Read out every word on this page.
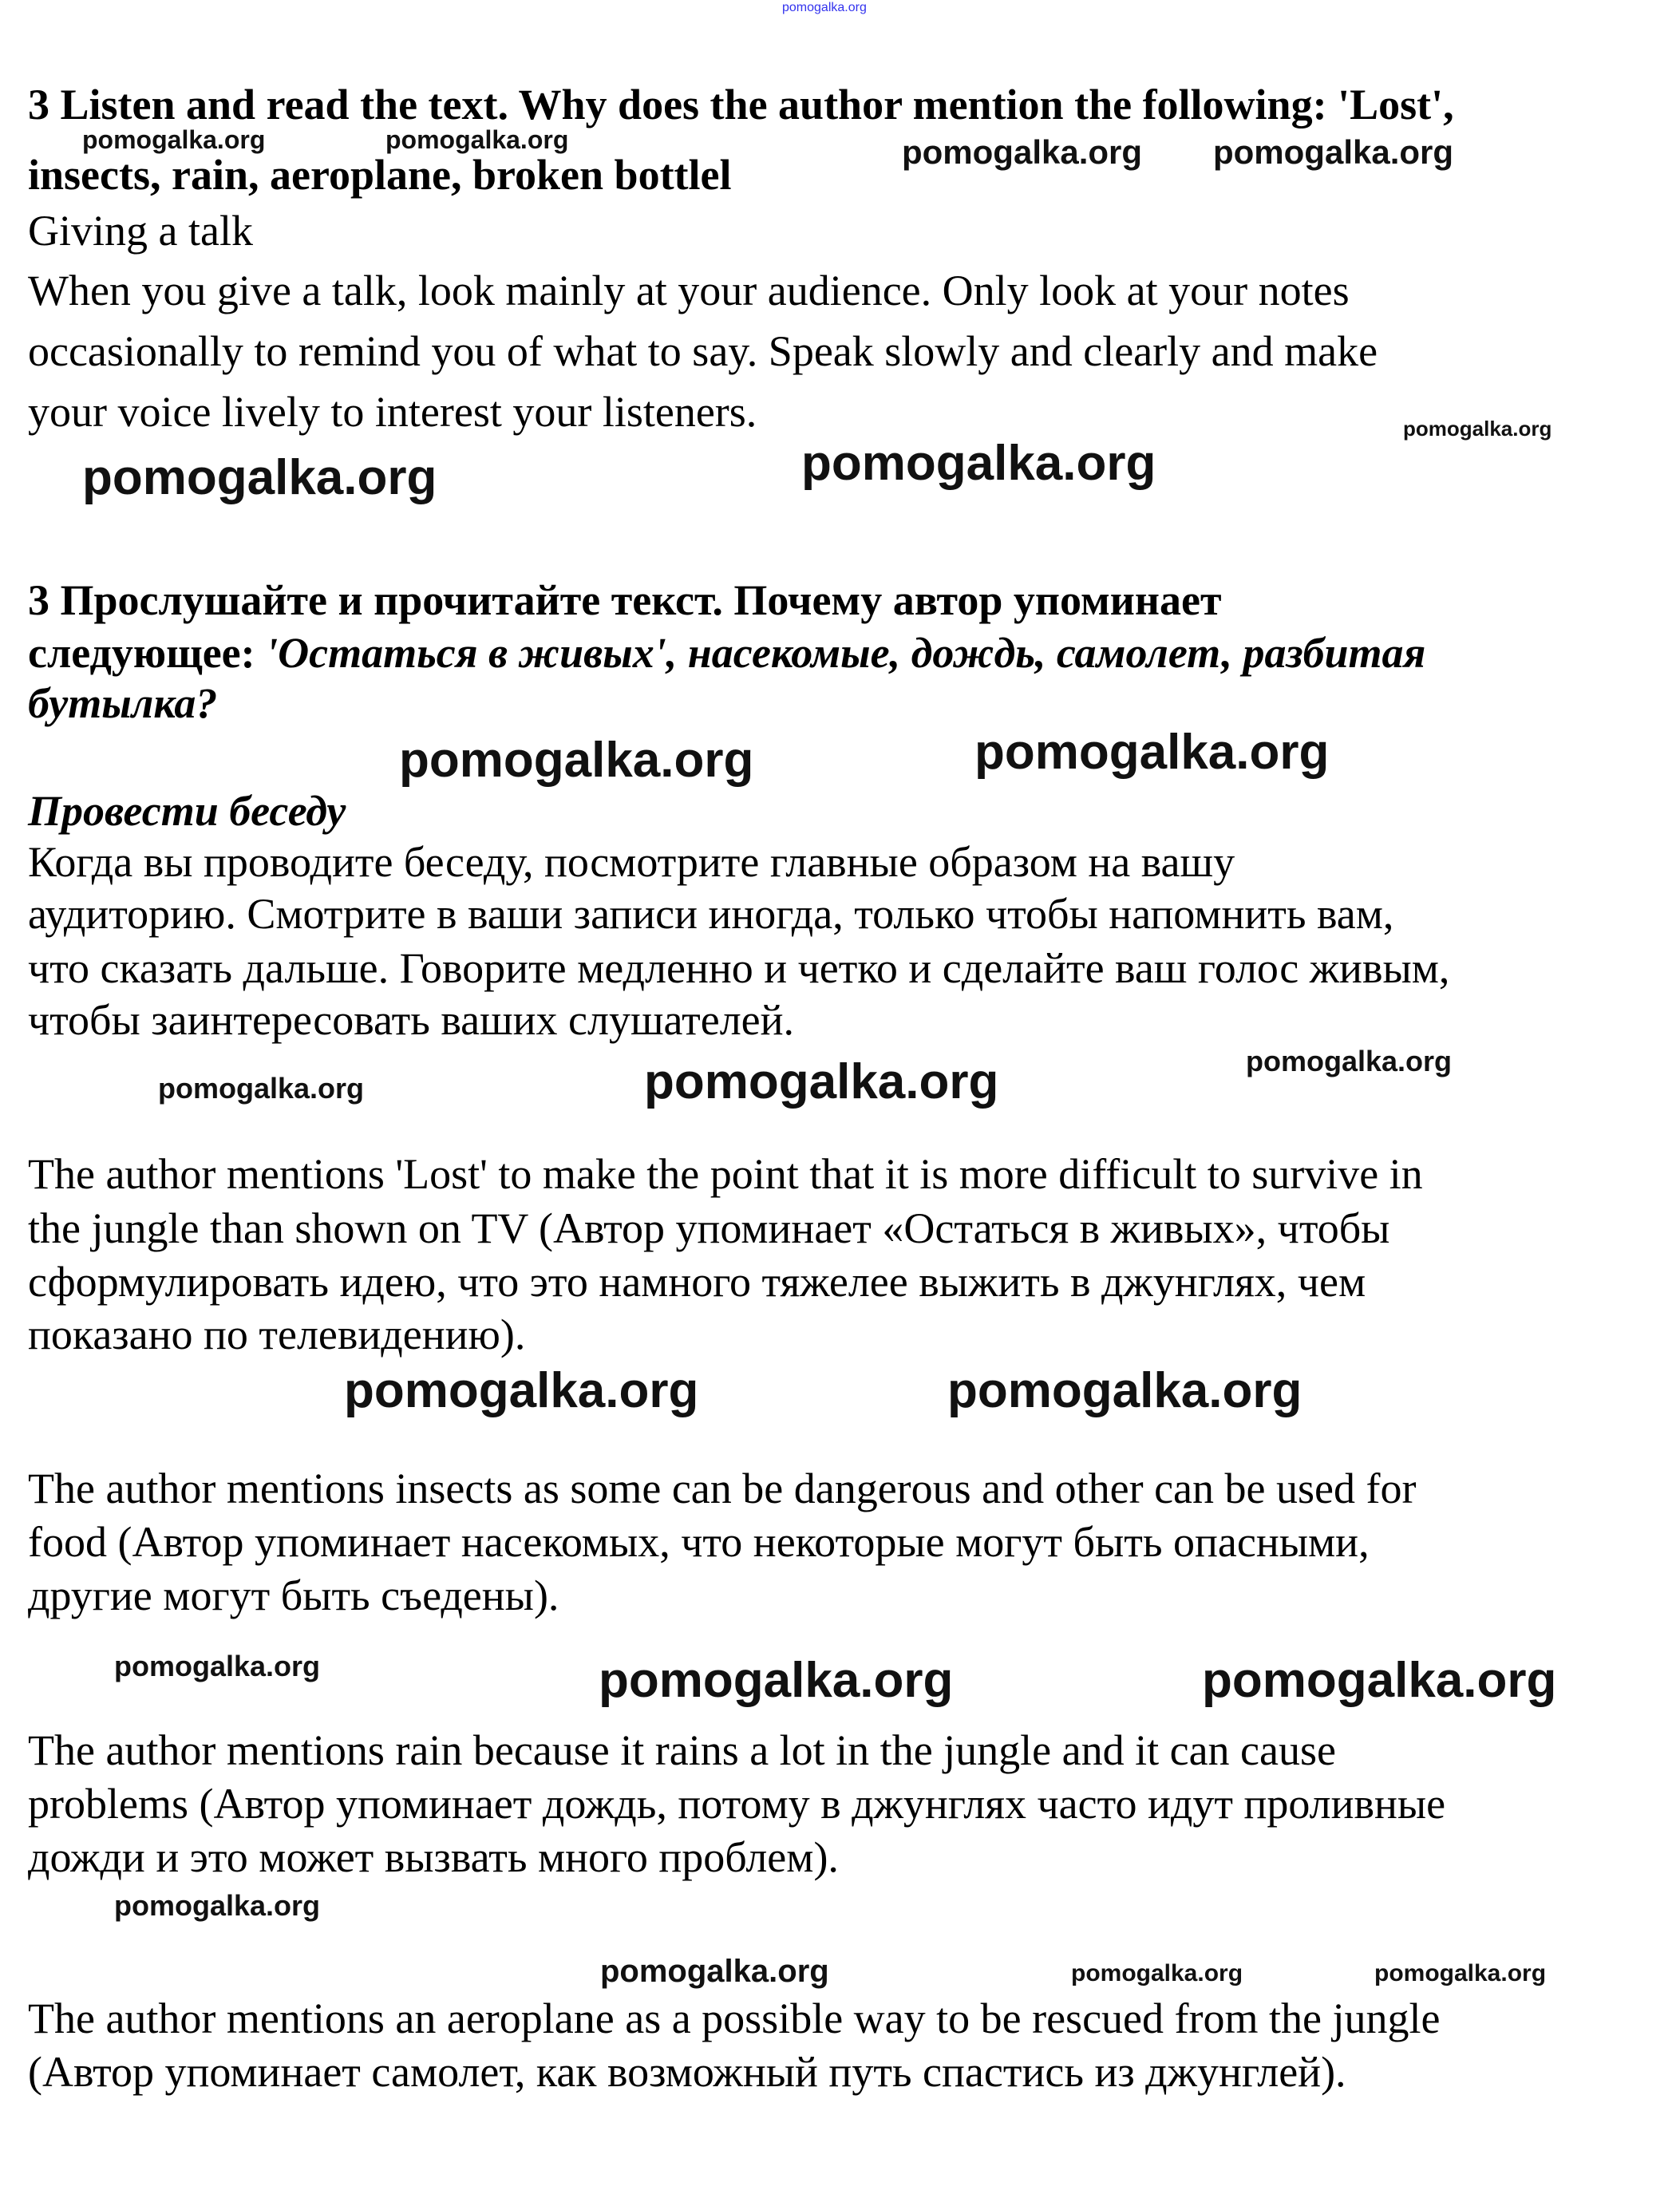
pomogalka.org
3 Listen and read the text. Why does the author mention the following: 'Lost',
insects, rain, aeroplane, broken bottlel
Giving a talk
When you give a talk, look mainly at your audience. Only look at your notes
occasionally to remind you of what to say. Speak slowly and clearly and make
your voice lively to interest your listeners.
3 Прослушайте и прочитайте текст. Почему автор упоминает
следующее: 'Остаться в живых', насекомые, дождь, самолет, разбитая
бутылка?
Провести беседу
Когда вы проводите беседу, посмотрите главные образом на вашу
аудиторию. Смотрите в ваши записи иногда, только чтобы напомнить вам,
что сказать дальше. Говорите медленно и четко и сделайте ваш голос живым,
чтобы заинтересовать ваших слушателей.
The author mentions 'Lost' to make the point that it is more difficult to survive in
the jungle than shown on TV (Автор упоминает «Остаться в живых», чтобы
сформулировать идею, что это намного тяжелее выжить в джунглях, чем
показано по телевидению).
The author mentions insects as some can be dangerous and other can be used for
food (Автор упоминает насекомых, что некоторые могут быть опасными,
другие могут быть съедены).
The author mentions rain because it rains a lot in the jungle and it can cause
problems (Автор упоминает дождь, потому в джунглях часто идут проливные
дожди и это может вызвать много проблем).
The author mentions an aeroplane as a possible way to be rescued from the jungle
(Автор упоминает самолет, как возможный путь спастись из джунглей).
pomogalka.org	pomogalka.org	pomogalka.org pomogalka.org
pomogalka.org
pomogalka.org
pomogalka.org
pomogalka.org
pomogalka.org
pomogalka.org
pomogalka.org	pomogalka.org
pomogalka.org	pomogalka.org
pomogalka.org	pomogalka.org	pomogalka.org
pomogalka.org
pomogalka.org	pomogalka.org	pomogalka.org
